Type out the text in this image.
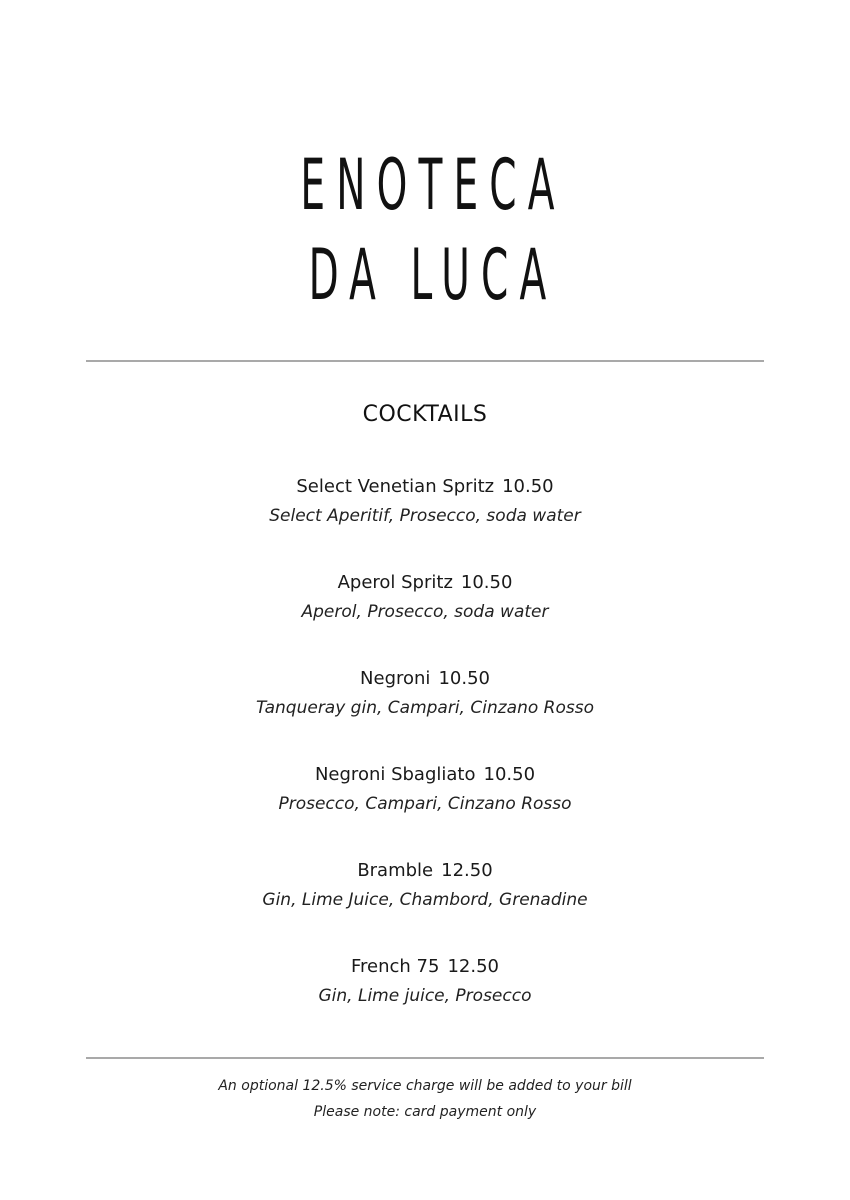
ENOTECA
DA LUCA
COCKTAILS
Select Venetian Spritz 10.50
Select Aperitif, Prosecco, soda water
Aperol Spritz 10.50
Aperol, Prosecco, soda water
Negroni 10.50
Tanqueray gin, Campari, Cinzano Rosso
Negroni Sbagliato 10.50
Prosecco, Campari, Cinzano Rosso
Bramble 12.50
Gin, Lime Juice, Chambord, Grenadine
French 75 12.50
Gin, Lime juice, Prosecco
An optional 12.5% service charge will be added to your bill
Please note: card payment only
